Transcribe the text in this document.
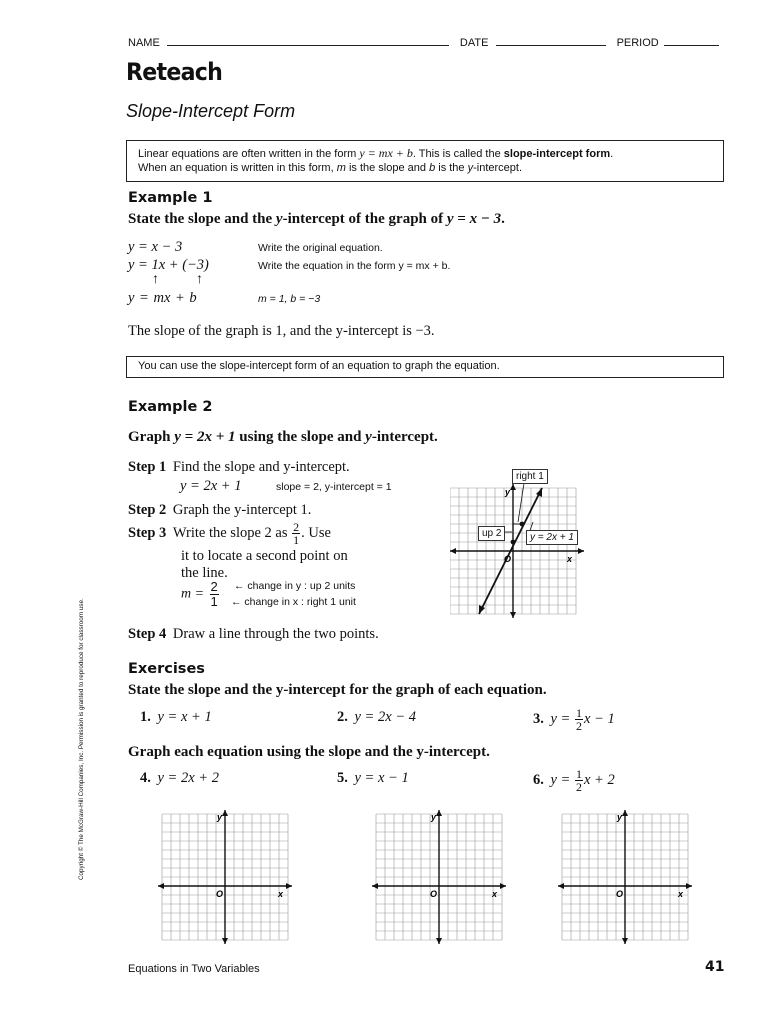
NAME	DATE	PERIOD
Reteach
Slope-Intercept Form
Linear equations are often written in the form y = mx + b. This is called the slope-intercept form.
When an equation is written in this form, m is the slope and b is the y-intercept.
Example 1
State the slope and the y-intercept of the graph of y = x − 3.
y = x − 3	Write the original equation.
y = 1x + (−3)	Write the equation in the form y = mx + b.
↑	↑
y = mx + b	m = 1, b = −3
The slope of the graph is 1, and the y-intercept is −3.
You can use the slope-intercept form of an equation to graph the equation.
Example 2
Graph y = 2x + 1 using the slope and y-intercept.
Step 1 Find the slope and y-intercept.
y = 2x + 1	slope = 2, y-intercept = 1
Step 2 Graph the y-intercept 1.
Step 3 Write the slope 2 as $\frac{2}{1}$ . Use
it to locate a second point on
the line.
$m = \frac{2}{1}$ ← change in y : up 2 units
← change in x : right 1 unit
Step 4 Draw a line through the two points.
y
x
O
right 1
up 2	y = 2x + 1
Exercises
State the slope and the y-intercept for the graph of each equation.
1. y = x + 1	2. y = 2x − 4	3. $y = \frac{1}{2}$ x − 1
Graph each equation using the slope and the y-intercept.
4. y = 2x + 2	5. y = x − 1	6. $y = \frac{1}{2}$ x + 2
y
x
O
y
x
O
y
x
O
Copyright © The McGraw-Hill Companies, Inc. Permission is granted to reproduce for classroom use.
Equations in Two Variables	41
